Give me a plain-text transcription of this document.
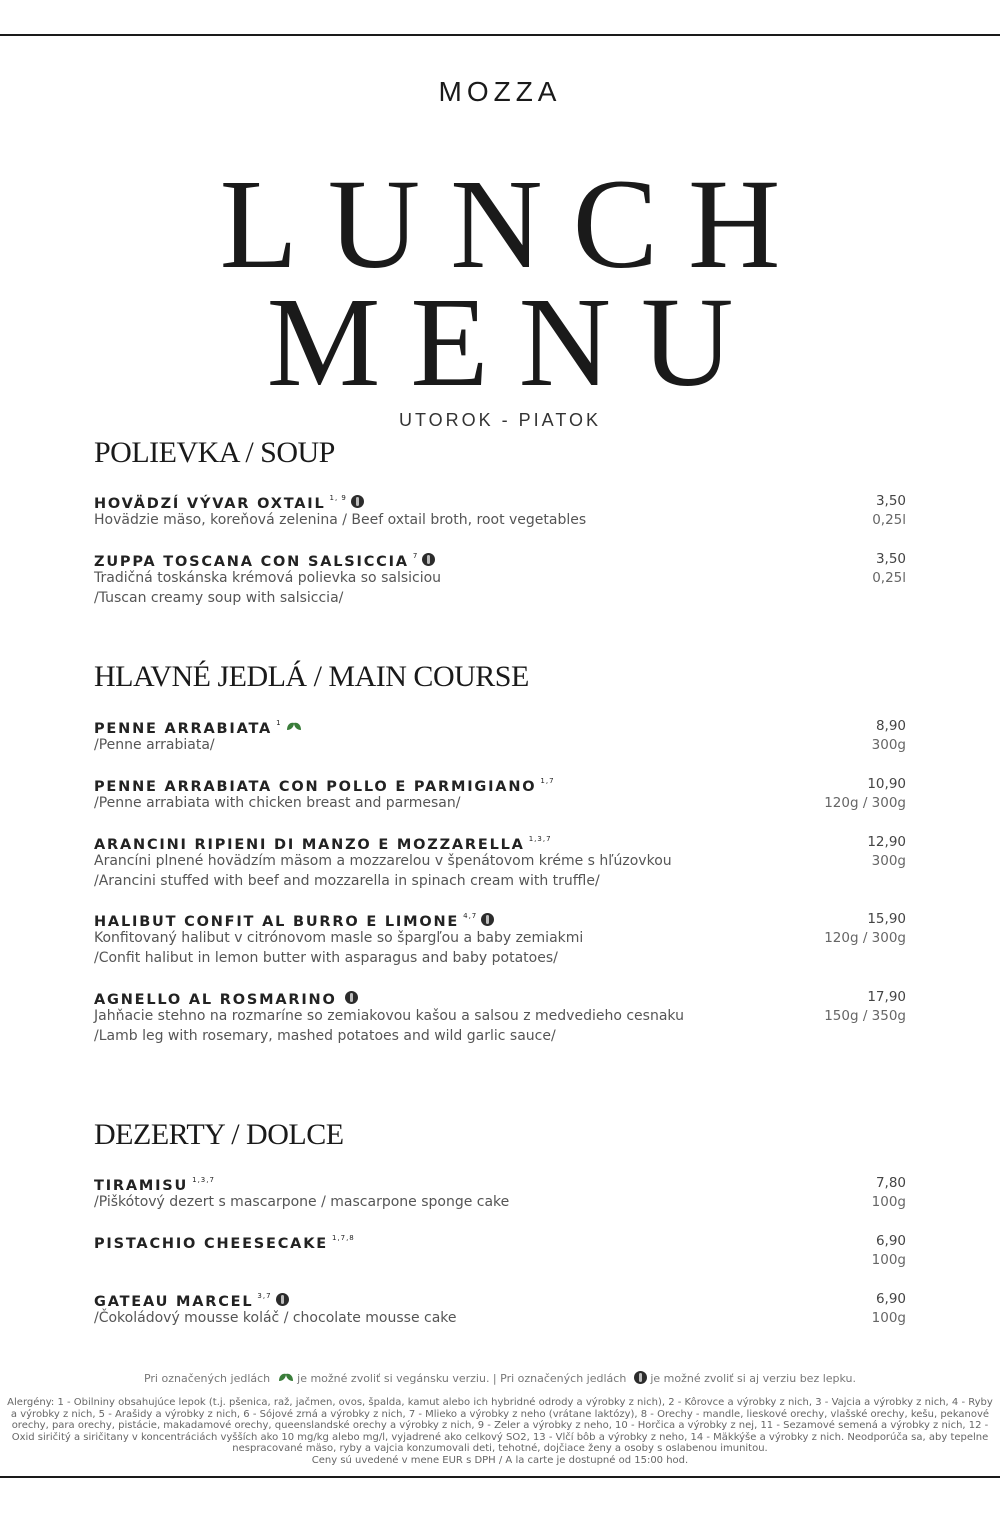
MOZZA
LUNCH
MENU
UTOROK - PIATOK
POLIEVKA / SOUP
HOVÄDZÍ VÝVAR OXTAIL $^{1, 9}$
Hovädzie mäso, koreňová zelenina / Beef oxtail broth, root vegetables
3,50
0,25l
ZUPPA TOSCANA CON SALSICCIA $^7$
Tradičná toskánska krémová polievka so salsiciou
/Tuscan creamy soup with salsiccia/
3,50
0,25l
HLAVNÉ JEDLÁ / MAIN COURSE
PENNE ARRABIATA $^1$
/Penne arrabiata/
8,90
300g
PENNE ARRABIATA CON POLLO E PARMIGIANO $^{1,7}$
/Penne arrabiata with chicken breast and parmesan/
10,90
120g / 300g
ARANCINI RIPIENI DI MANZO E MOZZARELLA $^{1,3,7}$
Arancíni plnené hovädzím mäsom a mozzarelou v špenátovom kréme s hľúzovkou
/Arancini stuffed with beef and mozzarella in spinach cream with truffle/
12,90
300g
HALIBUT CONFIT AL BURRO E LIMONE $^{4,7}$
Konfitovaný halibut v citrónovom masle so špargľou a baby zemiakmi
/Confit halibut in lemon butter with asparagus and baby potatoes/
15,90
120g / 300g
AGNELLO AL ROSMARINO
Jahňacie stehno na rozmaríne so zemiakovou kašou a salsou z medvedieho cesnaku
/Lamb leg with rosemary, mashed potatoes and wild garlic sauce/
17,90
150g / 350g
DEZERTY / DOLCE
TIRAMISU $^{1,3,7}$
/Piškótový dezert s mascarpone / mascarpone sponge cake
7,80
100g
PISTACHIO CHEESECAKE $^{1,7,8}$	6,90
100g
GATEAU MARCEL $^{3,7}$
/Čokoládový mousse koláč / chocolate mousse cake
6,90
100g
Pri označených jedlách je možné zvoliť si vegánsku verziu. | Pri označených jedlách je možné zvoliť si aj verziu bez lepku.
Alergény: 1 - Obilniny obsahujúce lepok (t.j. pšenica, raž, jačmen, ovos, špalda, kamut alebo ich hybridné odrody a výrobky z nich), 2 - Kôrovce a výrobky z nich, 3 - Vajcia a výrobky z nich, 4 - Ryby a výrobky z nich, 5 - Arašidy a výrobky z nich, 6 - Sójové zrná a výrobky z nich, 7 - Mlieko a výrobky z neho (vrátane laktózy), 8 - Orechy - mandle, lieskové orechy, vlašské orechy, kešu, pekanové orechy, para orechy, pistácie, makadamové orechy, queenslandské orechy a výrobky z nich, 9 - Zeler a výrobky z neho, 10 - Horčica a výrobky z nej, 11 - Sezamové semená a výrobky z nich, 12 - Oxid siričitý a siričitany v koncentráciách vyšších ako 10 mg/kg alebo mg/l, vyjadrené ako celkový SO2, 13 - Vlčí bôb a výrobky z neho, 14 - Mäkkýše a výrobky z nich. Neodporúča sa, aby tepelne nespracované mäso, ryby a vajcia konzumovali deti, tehotné, dojčiace ženy a osoby s oslabenou imunitou.
Ceny sú uvedené v mene EUR s DPH / A la carte je dostupné od 15:00 hod.
